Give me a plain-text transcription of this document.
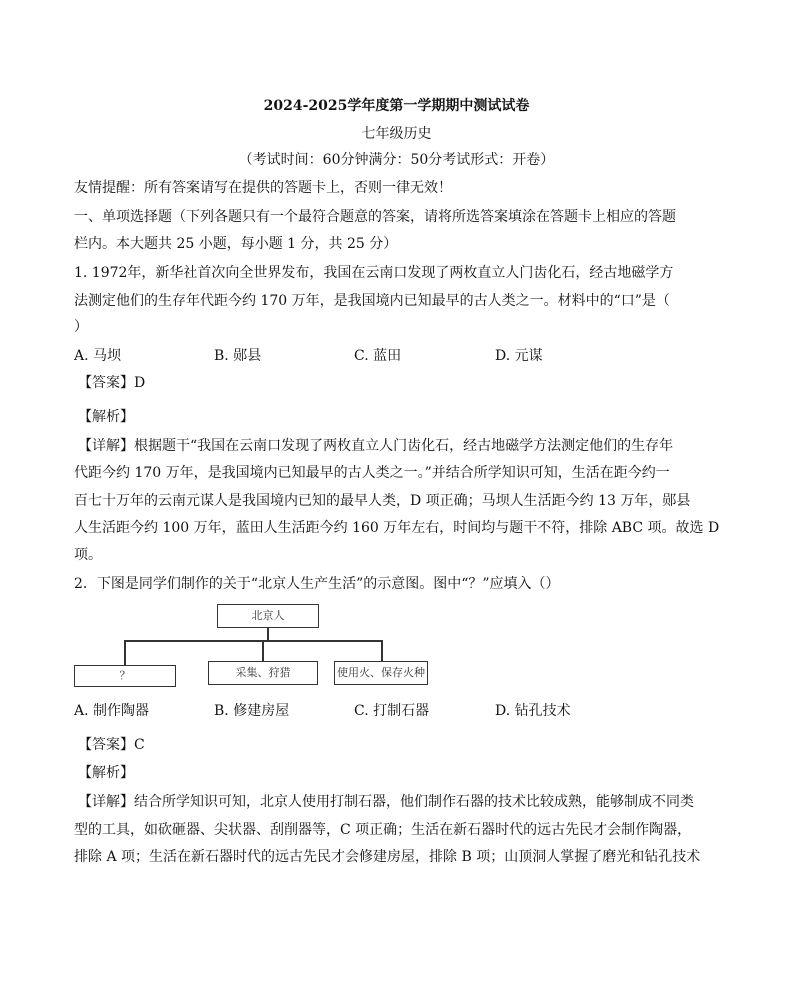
2024-2025学年度第一学期期中测试试卷
七年级历史
（考试时间：60分钟满分：50分考试形式：开卷）
友情提醒：所有答案请写在提供的答题卡上，否则一律无效！
一、单项选择题（下列各题只有一个最符合题意的答案，请将所选答案填涂在答题卡上相应的答题
栏内。本大题共 25 小题，每小题 1 分，共 25 分）
1. 1972年，新华社首次向全世界发布，我国在云南口发现了两枚直立人门齿化石，经古地磁学方
法测定他们的生存年代距今约 170 万年，是我国境内已知最早的古人类之一。材料中的“口”是（
）
A. 马坝	B. 郧县	C. 蓝田	D. 元谋
【答案】D
【解析】
【详解】根据题干“我国在云南口发现了两枚直立人门齿化石，经古地磁学方法测定他们的生存年
代距今约 170 万年，是我国境内已知最早的古人类之一。”并结合所学知识可知，生活在距今约一
百七十万年的云南元谋人是我国境内已知的最早人类，D 项正确；马坝人生活距今约 13 万年，郧县
人生活距今约 100 万年，蓝田人生活距今约 160 万年左右，时间均与题干不符，排除 ABC 项。故选 D
项。
2．下图是同学们制作的关于“北京人生产生活”的示意图。图中“？”应填入（）
北京人
？	采集、狩猎	使用火、保存火种
A. 制作陶器	B. 修建房屋	C. 打制石器	D. 钻孔技术
【答案】C
【解析】
【详解】结合所学知识可知，北京人使用打制石器，他们制作石器的技术比较成熟，能够制成不同类
型的工具，如砍砸器、尖状器、刮削器等，C 项正确；生活在新石器时代的远古先民才会制作陶器，
排除 A 项；生活在新石器时代的远古先民才会修建房屋，排除 B 项；山顶洞人掌握了磨光和钻孔技术
